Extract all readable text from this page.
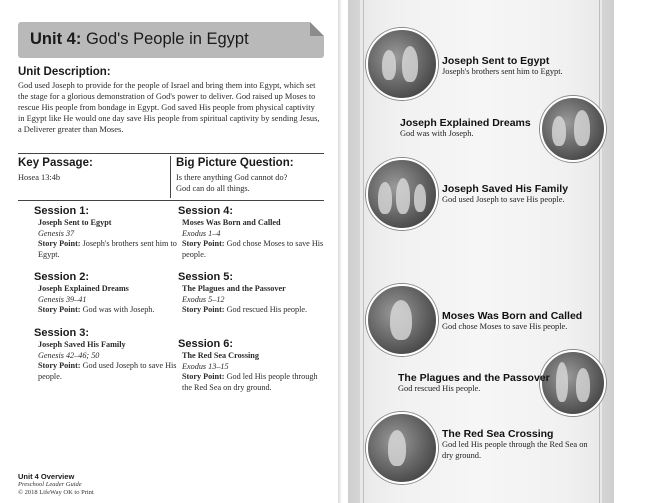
Unit 4: God's People in Egypt
Unit Description:
God used Joseph to provide for the people of Israel and bring them into Egypt, which set the stage for a glorious demonstration of God's power to deliver. God raised up Moses to rescue His people from bondage in Egypt. God saved His people from physical captivity in Egypt like He would one day save His people from spiritual captivity by sending Jesus, a Deliverer greater than Moses.
Key Passage:
Hosea 13:4b
Big Picture Question:
Is there anything God cannot do?
God can do all things.
Session 1:
Joseph Sent to Egypt
Genesis 37
Story Point: Joseph's brothers sent him to Egypt.
Session 2:
Joseph Explained Dreams
Genesis 39–41
Story Point: God was with Joseph.
Session 3:
Joseph Saved His Family
Genesis 42–46; 50
Story Point: God used Joseph to save His people.
Session 4:
Moses Was Born and Called
Exodus 1–4
Story Point: God chose Moses to save His people.
Session 5:
The Plagues and the Passover
Exodus 5–12
Story Point: God rescued His people.
Session 6:
The Red Sea Crossing
Exodus 13–15
Story Point: God led His people through the Red Sea on dry ground.
Unit 4 Overview
Preschool Leader Guide
© 2018 LifeWay OK to Print
Joseph Sent to Egypt
Joseph's brothers sent him to Egypt.
Joseph Explained Dreams
God was with Joseph.
Joseph Saved His Family
God used Joseph to save His people.
Moses Was Born and Called
God chose Moses to save His people.
The Plagues and the Passover
God rescued His people.
The Red Sea Crossing
God led His people through the Red Sea on dry ground.
